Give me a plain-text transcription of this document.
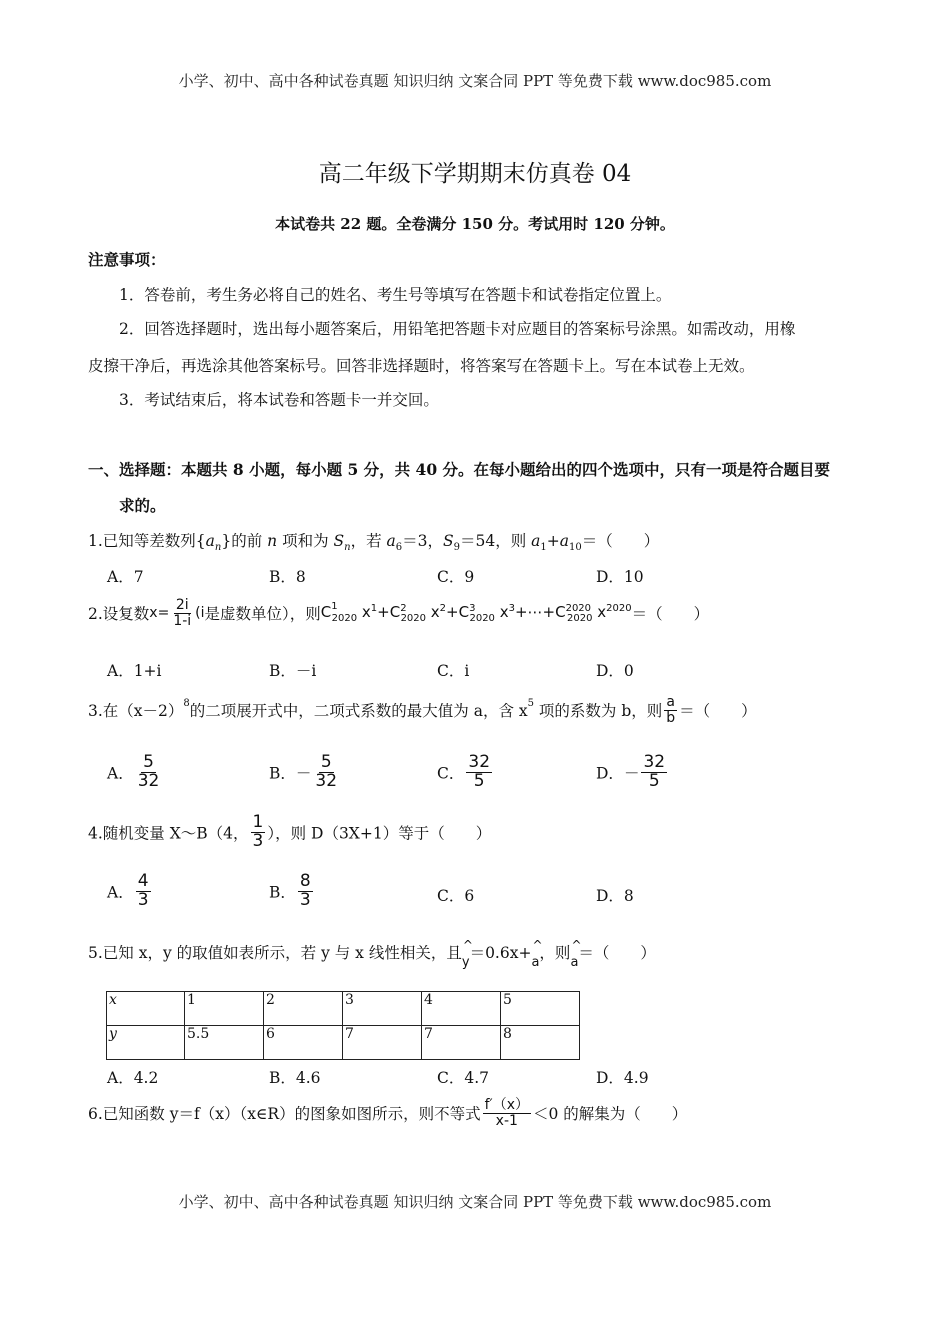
小学、初中、高中各种试卷真题 知识归纳 文案合同 PPT 等免费下载 www.doc985.com
高二年级下学期期末仿真卷 04
本试卷共 22 题。全卷满分 150 分。考试用时 120 分钟。
注意事项：
1．答卷前，考生务必将自己的姓名、考生号等填写在答题卡和试卷指定位置上。
2．回答选择题时，选出每小题答案后，用铅笔把答题卡对应题目的答案标号涂黑。如需改动，用橡
皮擦干净后，再选涂其他答案标号。回答非选择题时，将答案写在答题卡上。写在本试卷上无效。
3．考试结束后，将本试卷和答题卡一并交回。
一、选择题：本题共 8 小题，每小题 5 分，共 40 分。在每小题给出的四个选项中，只有一项是符合题目要
求的。
1.已知等差数列$\{a_n\}$的前 n 项和为 $S_n$，若 $a_6=3$，$S_9=54$，则 $a_1+a_{10}=$（　　）
A．7	B．8	C．9	D．10
2.设复数$x= \frac{2i}{1-i} (i$是虚数单位），则$C^1_{2020}$ $x^1+C^2_{2020}$ $x^2+C^3_{2020}$ $x^3+\cdots+C^{2020}_{2020}$ $x^{2020}=$（　　）
A．1+i	B．－i	C．i	D．0
3.在$(x-2)^8$的二项展开式中，二项式系数的最大值为 a，含 $x^5$ 项的系数为 b，则 $\frac{a}{b}$ ＝（　　）
A． $\frac{5}{32}$	B．－ $\frac{5}{32}$	C． $\frac{32}{5}$	D．－ $\frac{32}{5}$
4.随机变量 X～B（4， $\frac{1}{3}$ ），则 D（3X+1）等于（　　）
A． $\frac{4}{3}$	B． $\frac{8}{3}$	C．6	D．8
5.已知 x，y 的取值如表所示，若 y 与 x 线性相关，且^ y＝0.6x+^ a，则^ a＝（　　）
x	1	2	3	4	5
y	5.5	6	7	7	8
A．4.2	B．4.6	C．4.7	D．4.9
6.已知函数 y＝f（x）（x∈R）的图象如图所示，则不等式 $\frac{f'(x)}{x-1} <0$ 的解集为（　　）
小学、初中、高中各种试卷真题 知识归纳 文案合同 PPT 等免费下载 www.doc985.com
